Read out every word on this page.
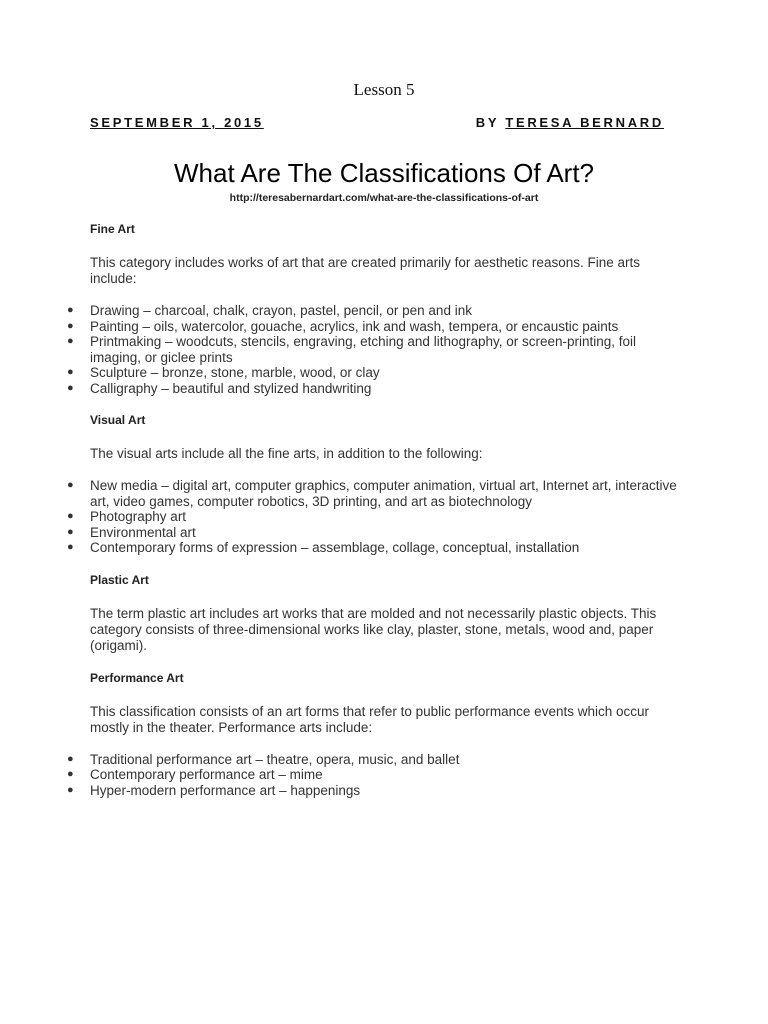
Lesson 5
SEPTEMBER 1, 2015	BY TERESA BERNARD
What Are The Classifications Of Art?
http://teresabernardart.com/what-are-the-classifications-of-art
Fine Art
This category includes works of art that are created primarily for aesthetic reasons. Fine arts include:
● Drawing – charcoal, chalk, crayon, pastel, pencil, or pen and ink
● Painting – oils, watercolor, gouache, acrylics, ink and wash, tempera, or encaustic paints
● Printmaking – woodcuts, stencils, engraving, etching and lithography, or screen-printing, foil imaging, or giclee prints
● Sculpture – bronze, stone, marble, wood, or clay
● Calligraphy – beautiful and stylized handwriting
Visual Art
The visual arts include all the fine arts, in addition to the following:
● New media – digital art, computer graphics, computer animation, virtual art, Internet art, interactive art, video games, computer robotics, 3D printing, and art as biotechnology
● Photography art
● Environmental art
● Contemporary forms of expression – assemblage, collage, conceptual, installation
Plastic Art
The term plastic art includes art works that are molded and not necessarily plastic objects. This category consists of three-dimensional works like clay, plaster, stone, metals, wood and, paper (origami).
Performance Art
This classification consists of an art forms that refer to public performance events which occur mostly in the theater. Performance arts include:
● Traditional performance art – theatre, opera, music, and ballet
● Contemporary performance art – mime
● Hyper-modern performance art – happenings
